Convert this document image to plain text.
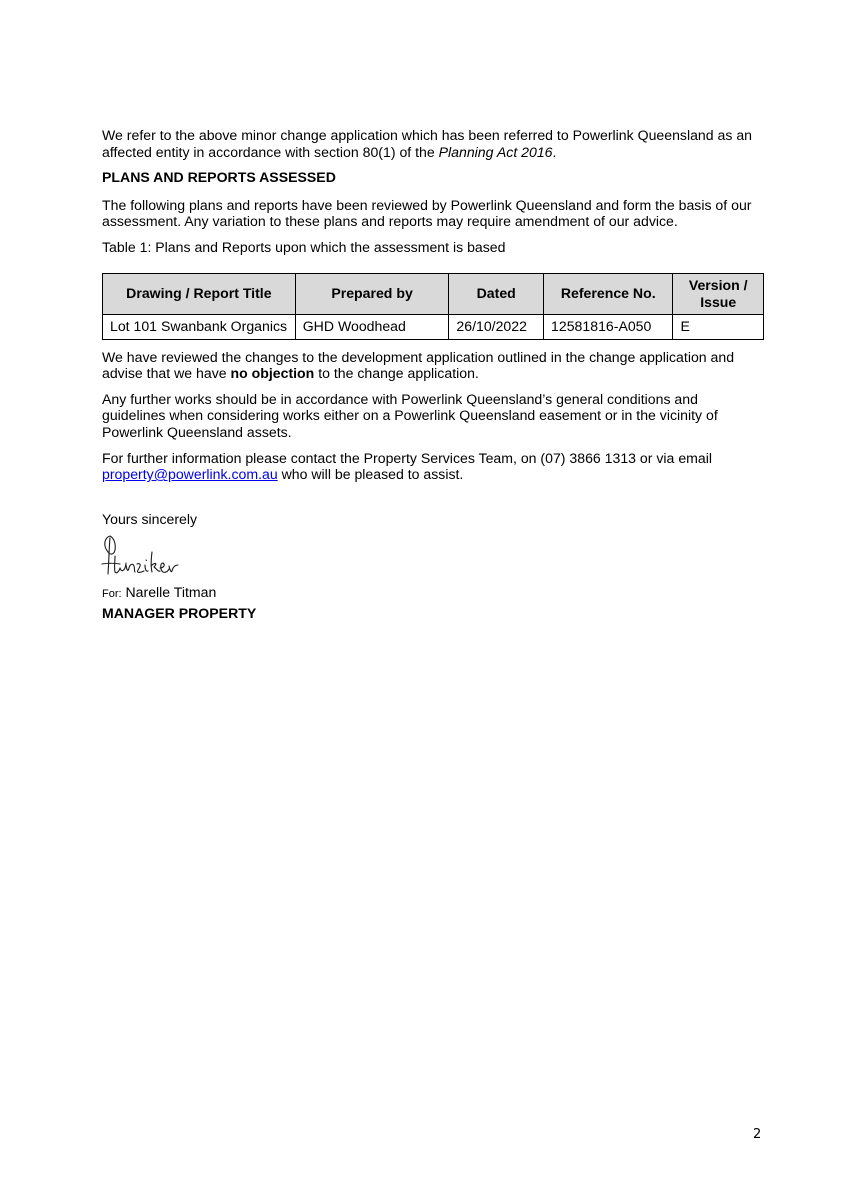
We refer to the above minor change application which has been referred to Powerlink Queensland as an affected entity in accordance with section 80(1) of the Planning Act 2016.

PLANS AND REPORTS ASSESSED

The following plans and reports have been reviewed by Powerlink Queensland and form the basis of our assessment. Any variation to these plans and reports may require amendment of our advice.

Table 1: Plans and Reports upon which the assessment is based

Drawing / Report Title	Prepared by	Dated	Reference No.	Version / Issue
Lot 101 Swanbank Organics	GHD Woodhead	26/10/2022	12581816-A050	E

We have reviewed the changes to the development application outlined in the change application and advise that we have no objection to the change application.

Any further works should be in accordance with Powerlink Queensland’s general conditions and guidelines when considering works either on a Powerlink Queensland easement or in the vicinity of Powerlink Queensland assets.

For further information please contact the Property Services Team, on (07) 3866 1313 or via email property@powerlink.com.au who will be pleased to assist.

Yours sincerely

For: Narelle Titman

MANAGER PROPERTY

2
